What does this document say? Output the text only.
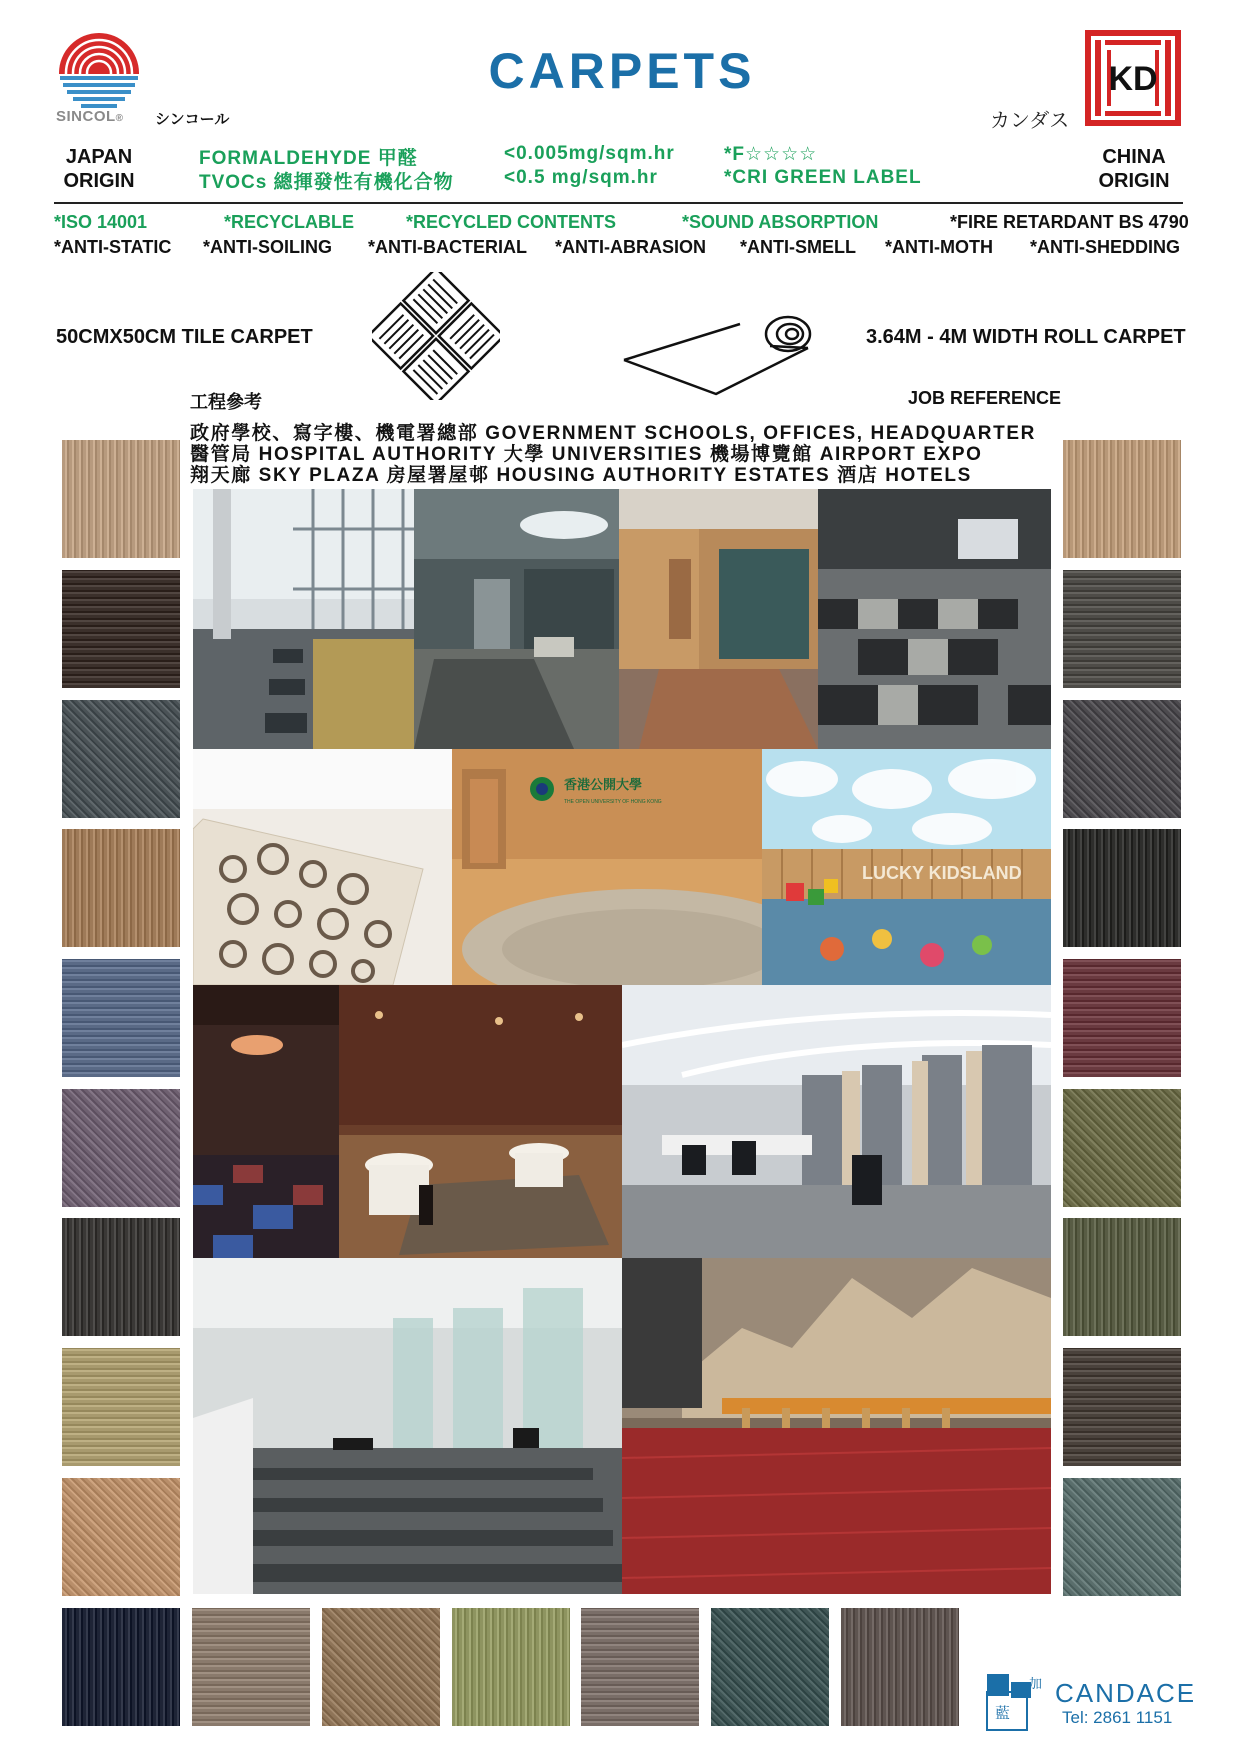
SINCOL® シンコール
CARPETS	KD
カンダス
JAPAN
ORIGIN
CHINA
ORIGIN
FORMALDEHYDE 甲醛	<0.005mg/sqm.hr	*F☆☆☆☆
TVOCs 總揮發性有機化合物	<0.5 mg/sqm.hr	*CRI GREEN LABEL
*ISO 14001	*RECYCLABLE	*RECYCLED CONTENTS	*SOUND ABSORPTION	*FIRE RETARDANT BS 4790
*ANTI-STATIC *ANTI-SOILING *ANTI-BACTERIAL *ANTI-ABRASION *ANTI-SMELL *ANTI-MOTH *ANTI-SHEDDING
50CMX50CM TILE CARPET	3.64M - 4M WIDTH ROLL CARPET
工程參考	JOB REFERENCE
政府學校、寫字樓、機電署總部 GOVERNMENT SCHOOLS, OFFICES, HEADQUARTER
醫管局 HOSPITAL AUTHORITY 大學 UNIVERSITIES 機場博覽館 AIRPORT EXPO
翔天廊 SKY PLAZA 房屋署屋邨 HOUSING AUTHORITY ESTATES 酒店 HOTELS
香港公開大學
THE OPEN UNIVERSITY OF HONG KONG
LUCKY KIDSLAND
加
藍
CANDACE
Tel: 2861 1151
